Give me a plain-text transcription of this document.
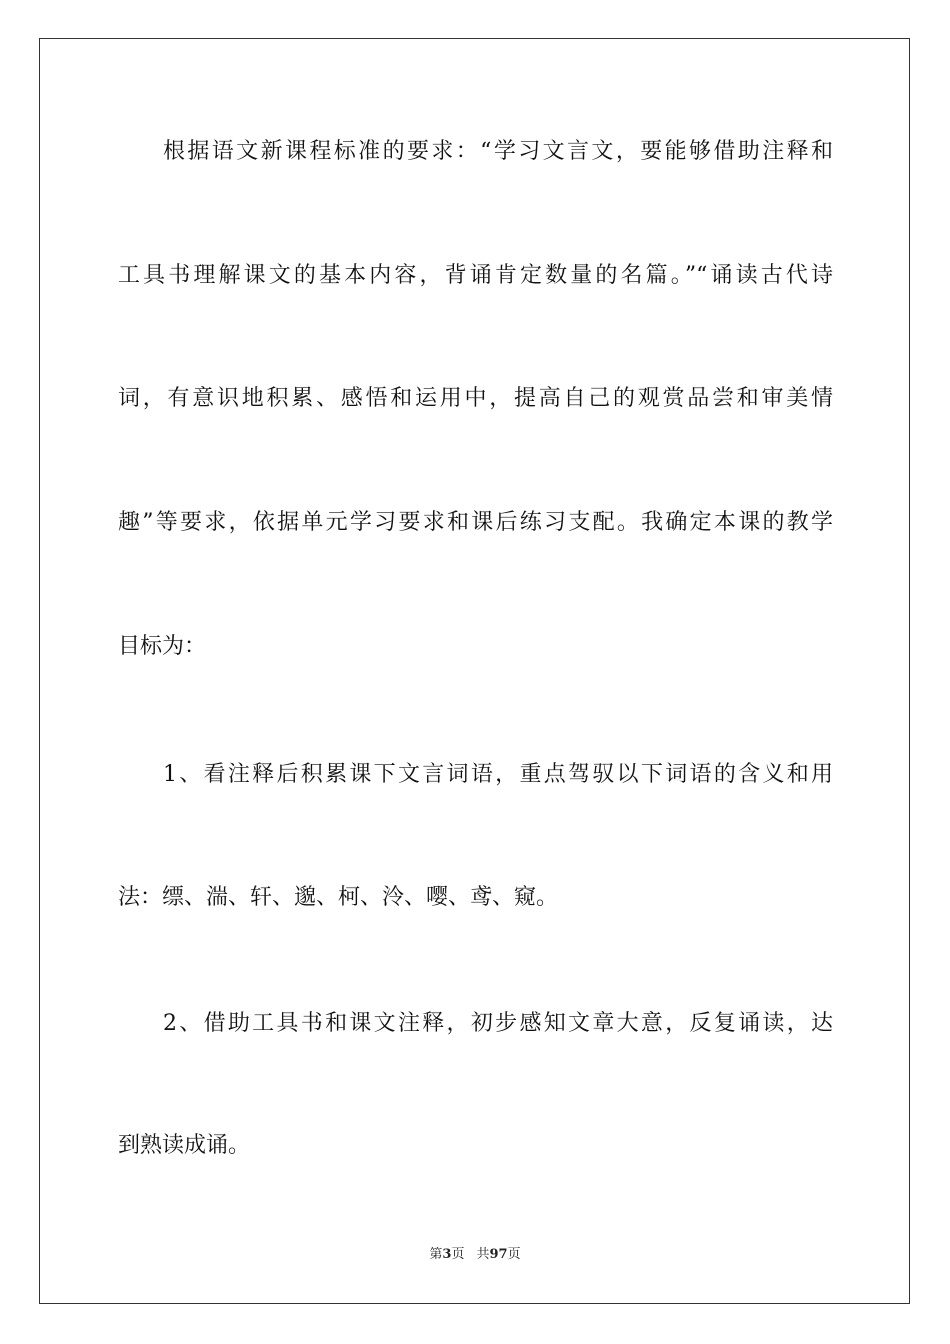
根据语文新课程标准的要求：“学习文言文，要能够借助注释和
工具书理解课文的基本内容，背诵肯定数量的名篇。”“诵读古代诗
词，有意识地积累、感悟和运用中，提高自己的观赏品尝和审美情
趣”等要求，依据单元学习要求和课后练习支配。我确定本课的教学
目标为：
1、看注释后积累课下文言词语，重点驾驭以下词语的含义和用
法：缥、湍、轩、邈、柯、泠、嘤、鸢、窥。
2、借助工具书和课文注释，初步感知文章大意，反复诵读，达
到熟读成诵。
第3页 共97页
